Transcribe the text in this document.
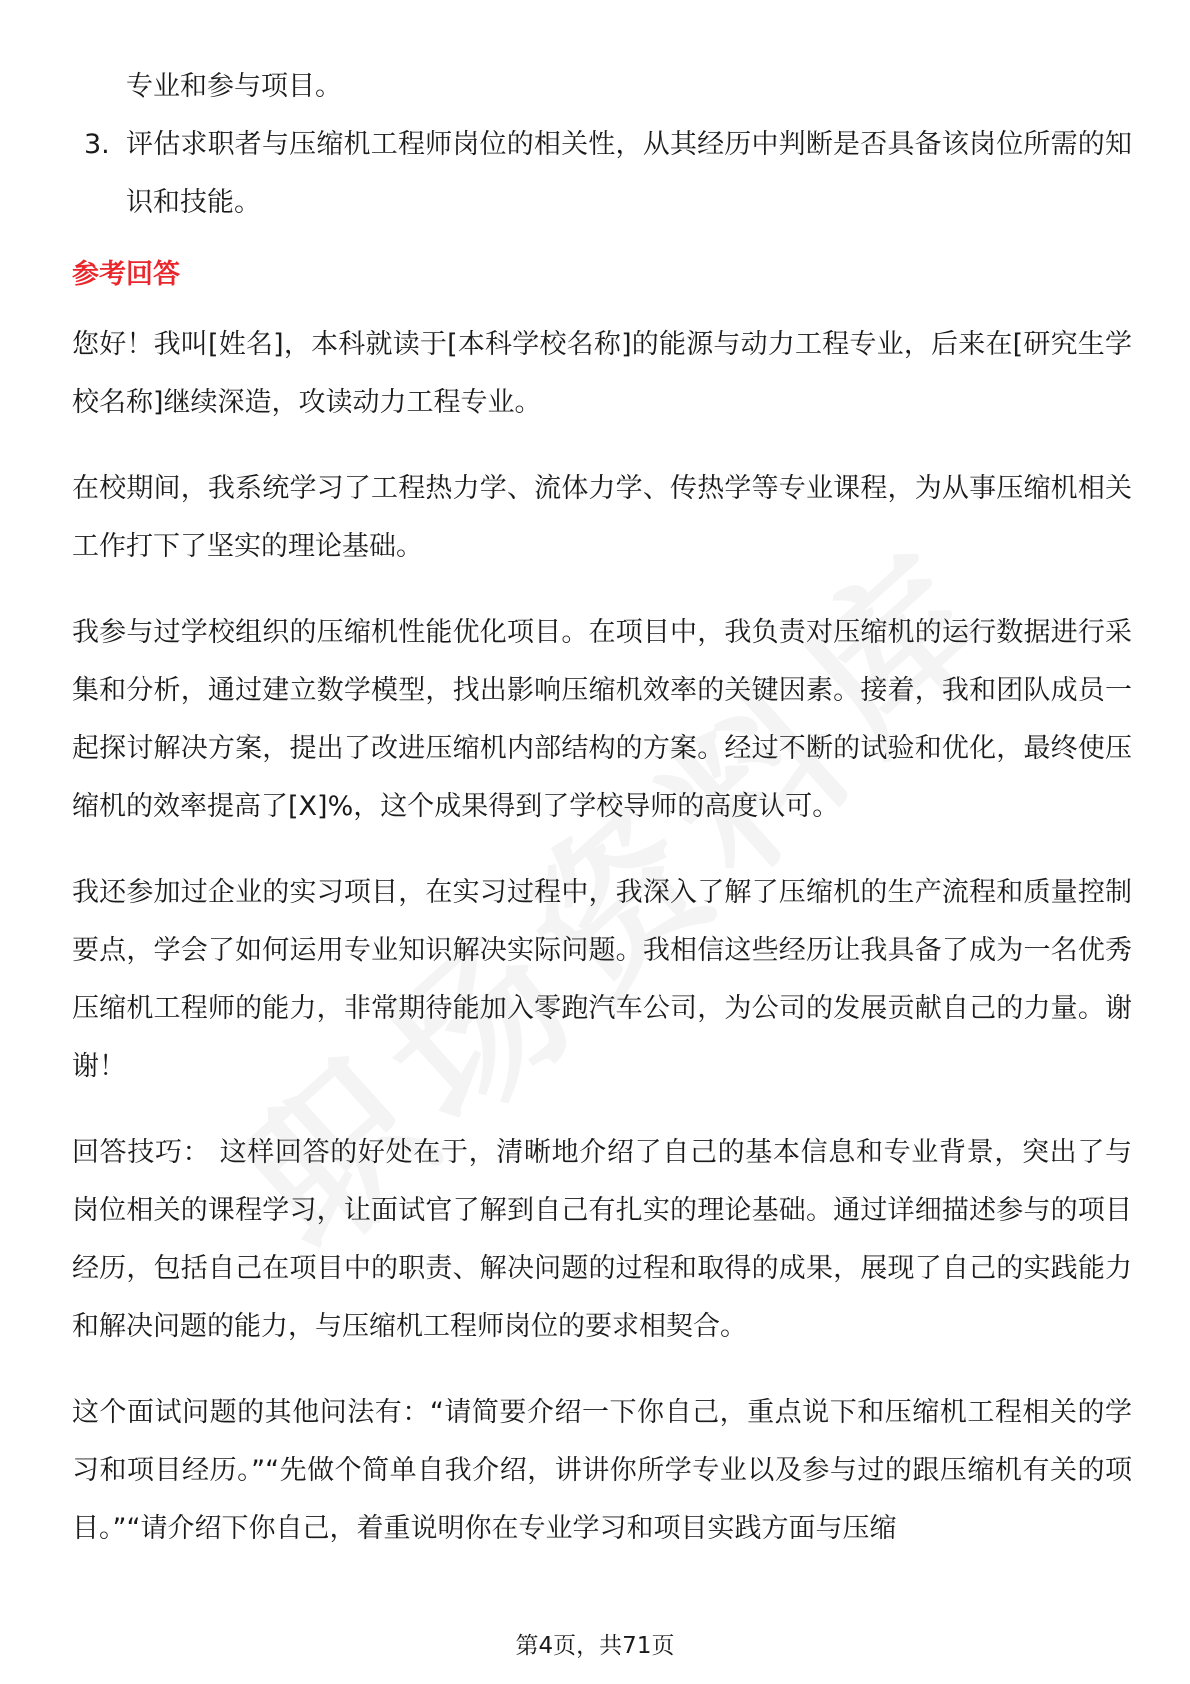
专业和参与项目。

3. 评估求职者与压缩机工程师岗位的相关性，从其经历中判断是否具备该岗位所需的知识和技能。

参考回答

您好！我叫[姓名]，本科就读于[本科学校名称]的能源与动力工程专业，后来在[研究生学校名称]继续深造，攻读动力工程专业。

在校期间，我系统学习了工程热力学、流体力学、传热学等专业课程，为从事压缩机相关工作打下了坚实的理论基础。

我参与过学校组织的压缩机性能优化项目。在项目中，我负责对压缩机的运行数据进行采集和分析，通过建立数学模型，找出影响压缩机效率的关键因素。接着，我和团队成员一起探讨解决方案，提出了改进压缩机内部结构的方案。经过不断的试验和优化，最终使压缩机的效率提高了[X]%，这个成果得到了学校导师的高度认可。

我还参加过企业的实习项目，在实习过程中，我深入了解了压缩机的生产流程和质量控制要点，学会了如何运用专业知识解决实际问题。我相信这些经历让我具备了成为一名优秀压缩机工程师的能力，非常期待能加入零跑汽车公司，为公司的发展贡献自己的力量。谢谢！

回答技巧： 这样回答的好处在于，清晰地介绍了自己的基本信息和专业背景，突出了与岗位相关的课程学习，让面试官了解到自己有扎实的理论基础。通过详细描述参与的项目经历，包括自己在项目中的职责、解决问题的过程和取得的成果，展现了自己的实践能力和解决问题的能力，与压缩机工程师岗位的要求相契合。

这个面试问题的其他问法有：“请简要介绍一下你自己，重点说下和压缩机工程相关的学习和项目经历。”“先做个简单自我介绍，讲讲你所学专业以及参与过的跟压缩机有关的项目。”“请介绍下你自己，着重说明你在专业学习和项目实践方面与压缩

第4页，共71页
